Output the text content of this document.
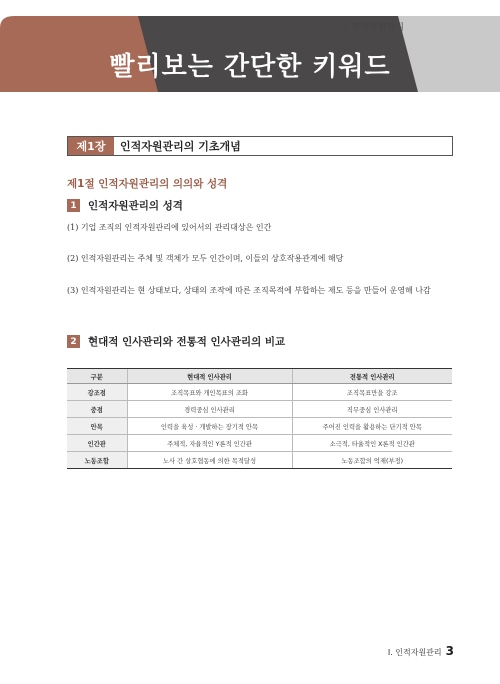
빨리보는 간단한 키워드
Ⅰ. 인적자원관리
제1장	인적자원관리의 기초개념
제1절 인적자원관리의 의의와 성격
1	인적자원관리의 성격
(1) 기업 조직의 인적자원관리에 있어서의 관리대상은 인간
(2) 인적자원관리는 주체 및 객체가 모두 인간이며, 이들의 상호작용관계에 해당
(3) 인적자원관리는 현 상태보다, 상태의 조작에 따른 조직목적에 부합하는 제도 등을 만들어 운영해 나감
2	현대적 인사관리와 전통적 인사관리의 비교
구분	현대적 인사관리	전통적 인사관리
강조점	조직목표와 개인목표의 조화	조직목표만을 강조
중점	경력중심 인사관리	직무중심 인사관리
안목	인력을 육성 · 개발하는 장기적 안목	주어진 인력을 활용하는 단기적 안목
인간관	주체적, 자율적인 Y론적 인간관	소극적, 타율적인 X론적 인간관
노동조합	노사 간 상호협동에 의한 목적달성	노동조합의 억제(부정)
Ⅰ. 인적자원관리 3
